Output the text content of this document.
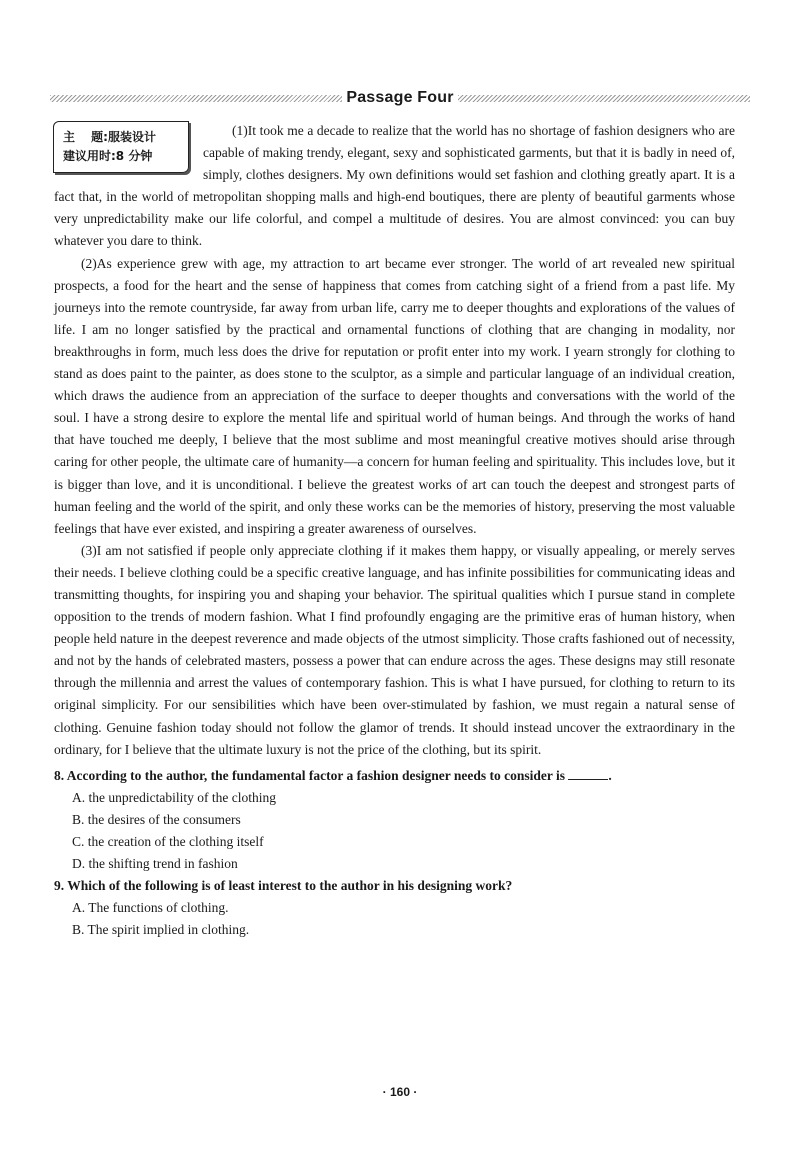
Passage Four
主　 题:服装设计
建议用时:8 分钟

(1)It took me a decade to realize that the world has no shortage of fashion designers who are capable of making trendy, elegant, sexy and sophisticated garments, but that it is badly in need of, simply, clothes designers. My own definitions would set fashion and clothing greatly apart. It is a fact that, in the world of metropolitan shopping malls and high-end boutiques, there are plenty of beautiful garments whose very unpredictability make our life colorful, and compel a multitude of desires. You are almost convinced: you can buy whatever you dare to think.

(2)As experience grew with age, my attraction to art became ever stronger. The world of art revealed new spiritual prospects, a food for the heart and the sense of happiness that comes from catching sight of a friend from a past life. My journeys into the remote countryside, far away from urban life, carry me to deeper thoughts and explorations of the values of life. I am no longer satisfied by the practical and ornamental functions of clothing that are changing in modality, nor breakthroughs in form, much less does the drive for reputation or profit enter into my work. I yearn strongly for clothing to stand as does paint to the painter, as does stone to the sculptor, as a simple and particular language of an individual creation, which draws the audience from an appreciation of the surface to deeper thoughts and conversations with the world of the soul. I have a strong desire to explore the mental life and spiritual world of human beings. And through the works of hand that have touched me deeply, I believe that the most sublime and most meaningful creative motives should arise through caring for other people, the ultimate care of humanity—a concern for human feeling and spirituality. This includes love, but it is bigger than love, and it is unconditional. I believe the greatest works of art can touch the deepest and strongest parts of human feeling and the world of the spirit, and only these works can be the memories of history, preserving the most valuable feelings that have ever existed, and inspiring a greater awareness of ourselves.

(3)I am not satisfied if people only appreciate clothing if it makes them happy, or visually appealing, or merely serves their needs. I believe clothing could be a specific creative language, and has infinite possibilities for communicating ideas and transmitting thoughts, for inspiring you and shaping your behavior. The spiritual qualities which I pursue stand in complete opposition to the trends of modern fashion. What I find profoundly engaging are the primitive eras of human history, when people held nature in the deepest reverence and made objects of the utmost simplicity. Those crafts fashioned out of necessity, and not by the hands of celebrated masters, possess a power that can endure across the ages. These designs may still resonate through the millennia and arrest the values of contemporary fashion. This is what I have pursued, for clothing to return to its original simplicity. For our sensibilities which have been over-stimulated by fashion, we must regain a natural sense of clothing. Genuine fashion today should not follow the glamor of trends. It should instead uncover the extraordinary in the ordinary, for I believe that the ultimate luxury is not the price of the clothing, but its spirit.

8. According to the author, the fundamental factor a fashion designer needs to consider is	.

A. the unpredictability of the clothing
B. the desires of the consumers
C. the creation of the clothing itself
D. the shifting trend in fashion

9. Which of the following is of least interest to the author in his designing work?

A. The functions of clothing.
B. The spirit implied in clothing.
· 160 ·
